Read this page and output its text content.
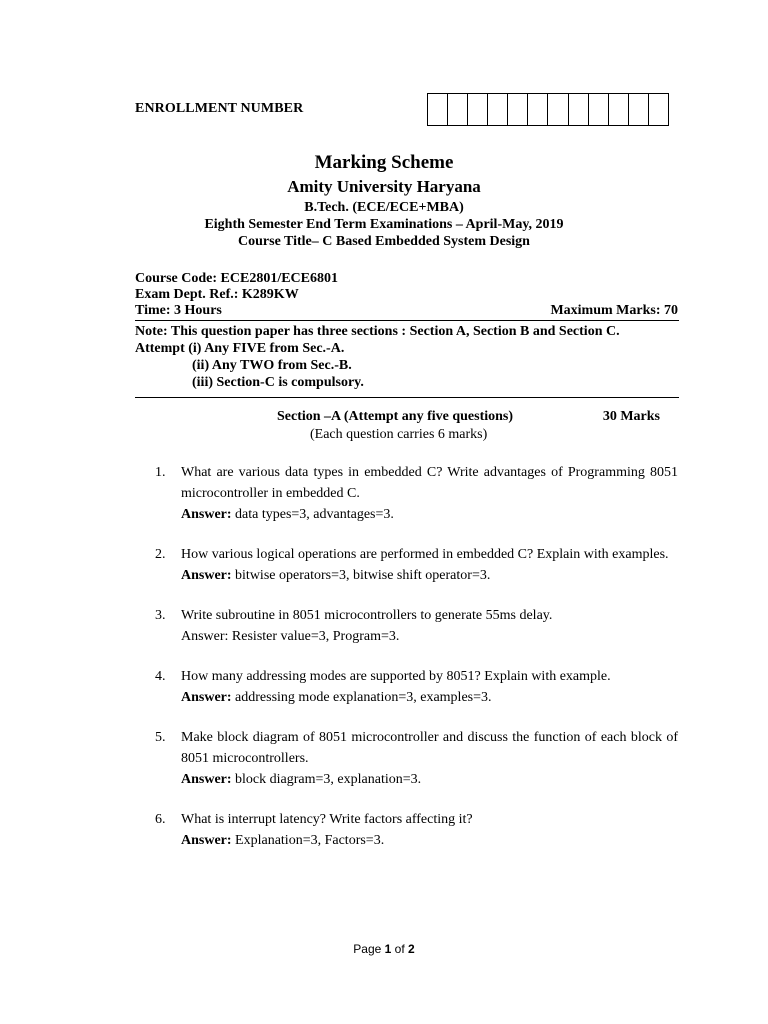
ENROLLMENT NUMBER
Marking Scheme
Amity University Haryana
B.Tech. (ECE/ECE+MBA)
Eighth Semester End Term Examinations – April-May, 2019
Course Title– C Based Embedded System Design
Course Code: ECE2801/ECE6801
Exam Dept. Ref.: K289KW
Time: 3 Hours	Maximum Marks: 70
Note: This question paper has three sections : Section A, Section B and Section C.
Attempt (i) Any FIVE from Sec.-A.
(ii) Any TWO from Sec.-B.
(iii) Section-C is compulsory.
Section –A (Attempt any five questions)	30 Marks
(Each question carries 6 marks)
1.	What are various data types in embedded C? Write advantages of Programming 8051 microcontroller in embedded C.
Answer: data types=3, advantages=3.
2.	How various logical operations are performed in embedded C? Explain with examples.
Answer: bitwise operators=3, bitwise shift operator=3.
3.	Write subroutine in 8051 microcontrollers to generate 55ms delay.
Answer: Resister value=3, Program=3.
4.	How many addressing modes are supported by 8051? Explain with example.
Answer: addressing mode explanation=3, examples=3.
5.	Make block diagram of 8051 microcontroller and discuss the function of each block of 8051 microcontrollers.
Answer: block diagram=3, explanation=3.
6.	What is interrupt latency? Write factors affecting it?
Answer: Explanation=3, Factors=3.
Page 1 of 2
